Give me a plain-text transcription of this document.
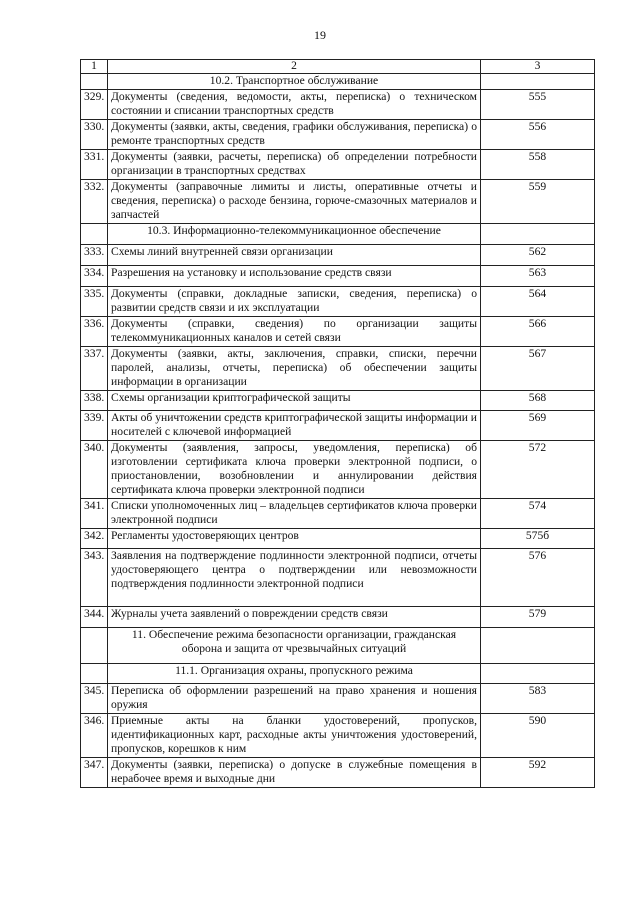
19
1	2	3
	10.2. Транспортное обслуживание	
329.	Документы (сведения, ведомости, акты, переписка) о техническом состоянии и списании транспортных средств	555
330.	Документы (заявки, акты, сведения, графики обслуживания, переписка) о ремонте транспортных средств	556
331.	Документы (заявки, расчеты, переписка) об определении потребности организации в транспортных средствах	558
332.	Документы (заправочные лимиты и листы, оперативные отчеты и сведения, переписка) о расходе бензина, горюче-смазочных материалов и запчастей	559
	10.3. Информационно-телекоммуникационное обеспечение	
333.	Схемы линий внутренней связи организации	562
334.	Разрешения на установку и использование средств связи	563
335.	Документы (справки, докладные записки, сведения, переписка) о развитии средств связи и их эксплуатации	564
336.	Документы (справки, сведения) по организации защиты телекоммуникационных каналов и сетей связи	566
337.	Документы (заявки, акты, заключения, справки, списки, перечни паролей, анализы, отчеты, переписка) об обеспечении защиты информации в организации	567
338.	Схемы организации криптографической защиты	568
339.	Акты об уничтожении средств криптографической защиты информации и носителей с ключевой информацией	569
340.	Документы (заявления, запросы, уведомления, переписка) об изготовлении сертификата ключа проверки электронной подписи, о приостановлении, возобновлении и аннулировании действия сертификата ключа проверки электронной подписи	572
341.	Списки уполномоченных лиц – владельцев сертификатов ключа проверки электронной подписи	574
342.	Регламенты удостоверяющих центров	575б
343.	Заявления на подтверждение подлинности электронной подписи, отчеты удостоверяющего центра о подтверждении или невозможности подтверждения подлинности электронной подписи	576
344.	Журналы учета заявлений о повреждении средств связи	579
	11. Обеспечение режима безопасности организации, гражданская оборона и защита от чрезвычайных ситуаций	
	11.1. Организация охраны, пропускного режима	
345.	Переписка об оформлении разрешений на право хранения и ношения оружия	583
346.	Приемные акты на бланки удостоверений, пропусков, идентификационных карт, расходные акты уничтожения удостоверений, пропусков, корешков к ним	590
347.	Документы (заявки, переписка) о допуске в служебные помещения в нерабочее время и выходные дни	592
